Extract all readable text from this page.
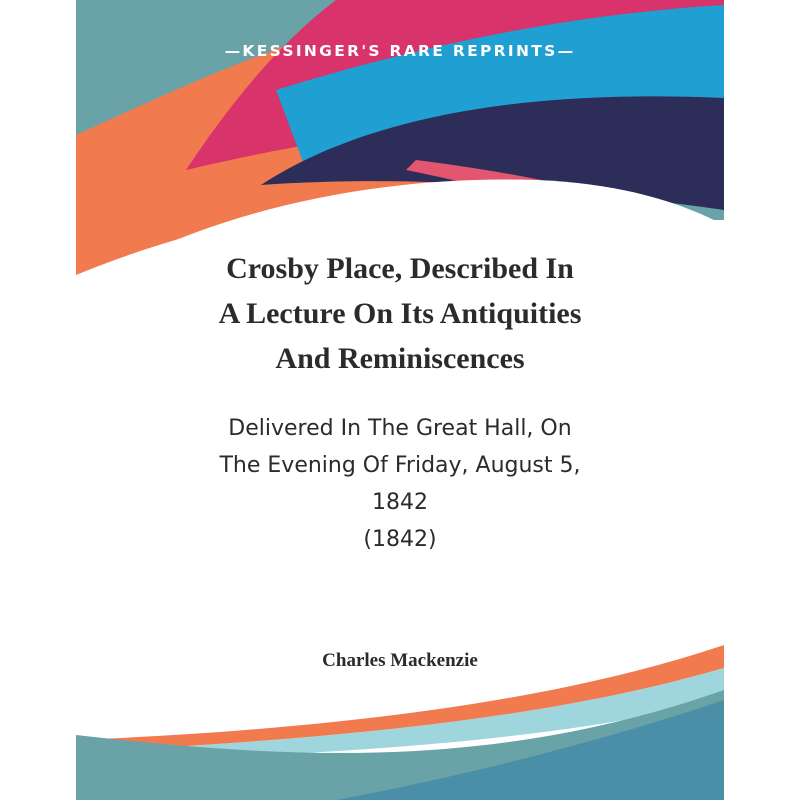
—KESSINGER'S RARE REPRINTS—
Crosby Place, Described In
A Lecture On Its Antiquities
And Reminiscences
Delivered In The Great Hall, On
The Evening Of Friday, August 5,
1842
(1842)
Charles Mackenzie
